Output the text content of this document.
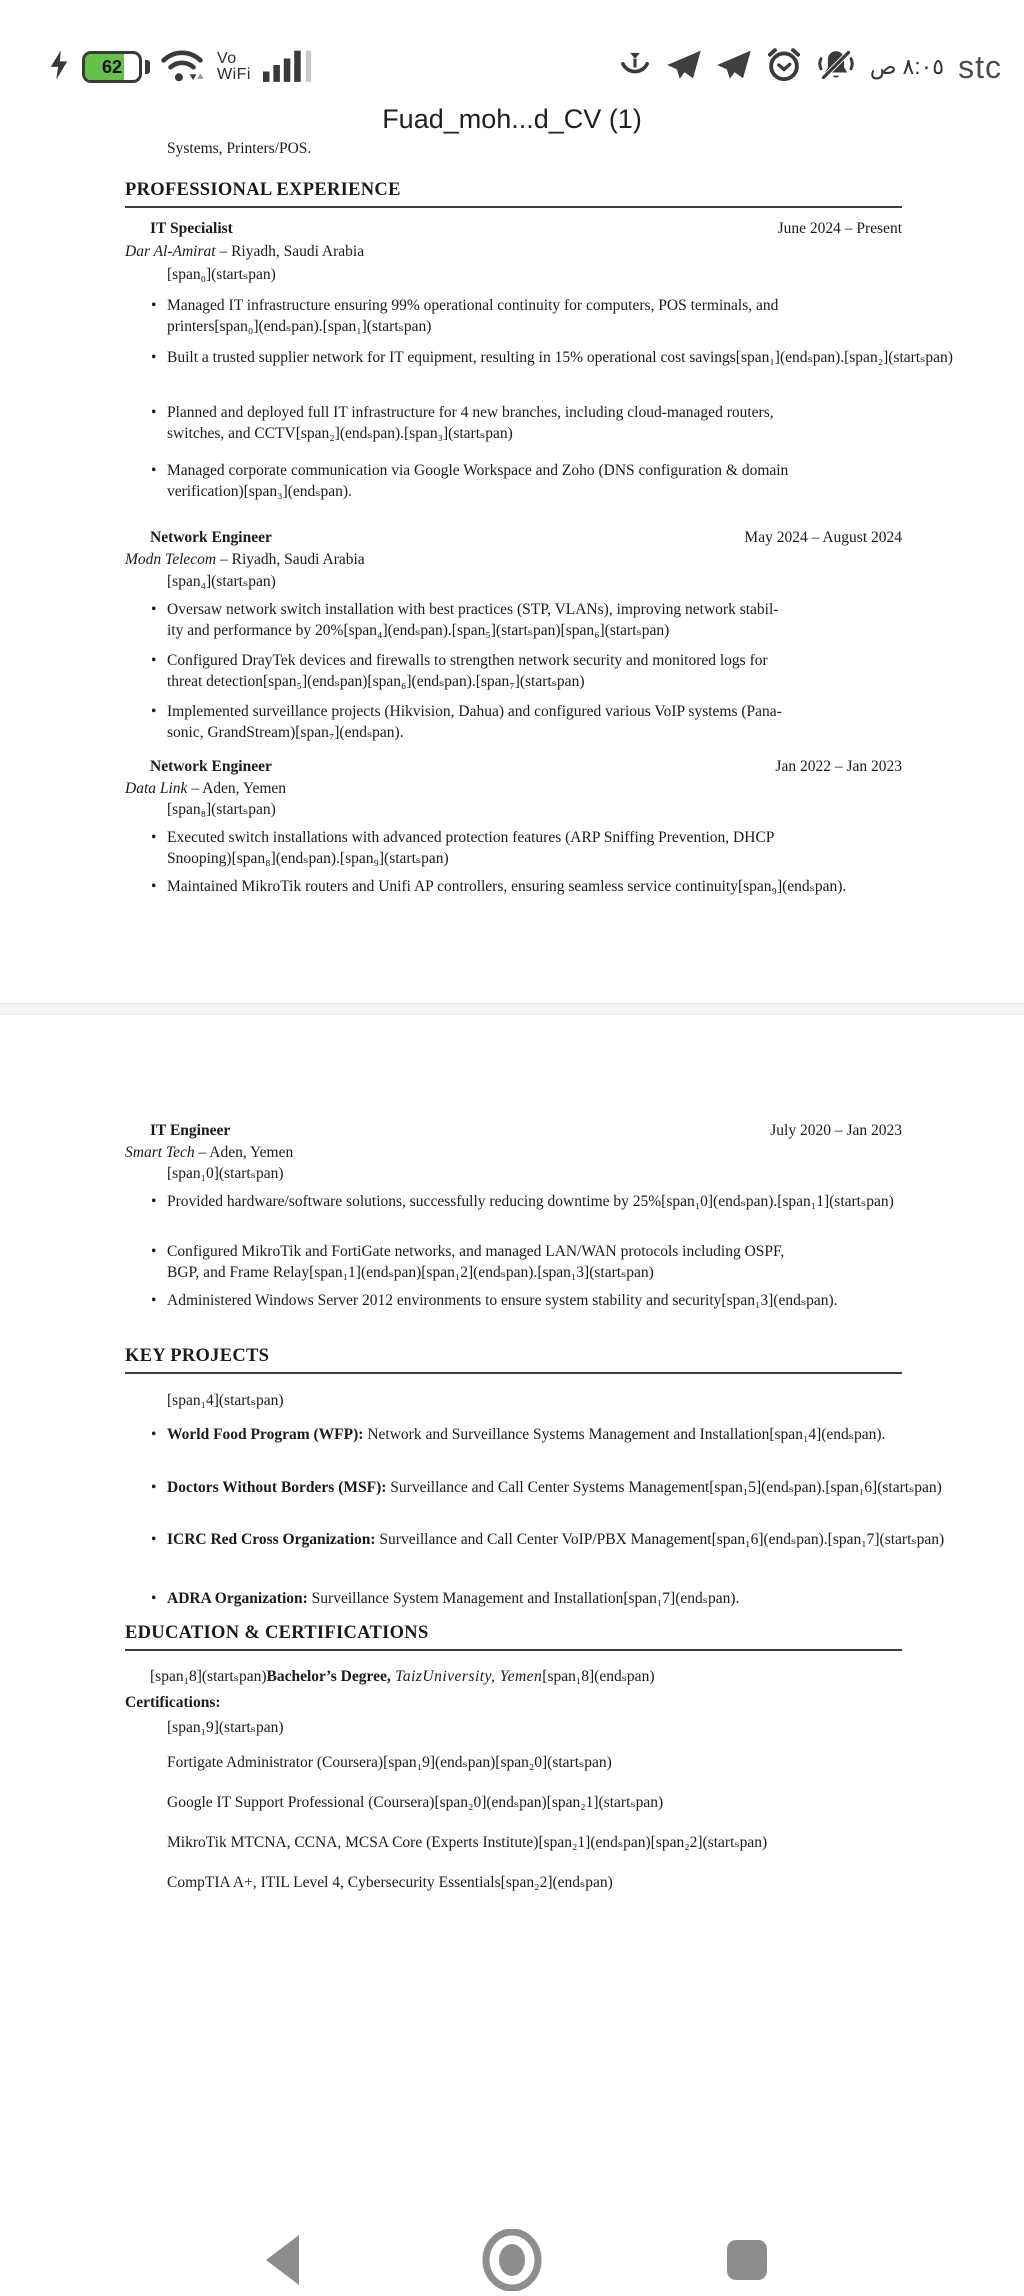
62	Vo
WiFi	٨:٠٥ ص stc
Fuad_moh...d_CV (1)
Systems, Printers/POS.
PROFESSIONAL EXPERIENCE
IT Specialist	June 2024 – Present
Dar Al-Amirat – Riyadh, Saudi Arabia
[span₀](startₛpan)
• Managed IT infrastructure ensuring 99% operational continuity for computers, POS terminals, and
printers[span₀](endₛpan).[span₁](startₛpan)
• Built a trusted supplier network for IT equipment, resulting in 15% operational cost savings[span₁](endₛpan).[span₂](startₛpan)
• Planned and deployed full IT infrastructure for 4 new branches, including cloud-managed routers,
switches, and CCTV[span₂](endₛpan).[span₃](startₛpan)
• Managed corporate communication via Google Workspace and Zoho (DNS configuration & domain
verification)[span₃](endₛpan).
Network Engineer	May 2024 – August 2024
Modn Telecom – Riyadh, Saudi Arabia
[span₄](startₛpan)
• Oversaw network switch installation with best practices (STP, VLANs), improving network stabil-
ity and performance by 20%[span₄](endₛpan).[span₅](startₛpan)[span₆](startₛpan)
• Configured DrayTek devices and firewalls to strengthen network security and monitored logs for
threat detection[span₅](endₛpan)[span₆](endₛpan).[span₇](startₛpan)
• Implemented surveillance projects (Hikvision, Dahua) and configured various VoIP systems (Pana-
sonic, GrandStream)[span₇](endₛpan).
Network Engineer	Jan 2022 – Jan 2023
Data Link – Aden, Yemen
[span₈](startₛpan)
• Executed switch installations with advanced protection features (ARP Sniffing Prevention, DHCP
Snooping)[span₈](endₛpan).[span₉](startₛpan)
• Maintained MikroTik routers and Unifi AP controllers, ensuring seamless service continuity[span₉](endₛpan).
IT Engineer	July 2020 – Jan 2023
Smart Tech – Aden, Yemen
[span₁0](startₛpan)
• Provided hardware/software solutions, successfully reducing downtime by 25%[span₁0](endₛpan).[span₁1](startₛpan)
• Configured MikroTik and FortiGate networks, and managed LAN/WAN protocols including OSPF,
BGP, and Frame Relay[span₁1](endₛpan)[span₁2](endₛpan).[span₁3](startₛpan)
• Administered Windows Server 2012 environments to ensure system stability and security[span₁3](endₛpan).
KEY PROJECTS
[span₁4](startₛpan)
• World Food Program (WFP): Network and Surveillance Systems Management and Installation[span₁4](endₛpan).
• Doctors Without Borders (MSF): Surveillance and Call Center Systems Management[span₁5](endₛpan).[span₁6](startₛpan)
• ICRC Red Cross Organization: Surveillance and Call Center VoIP/PBX Management[span₁6](endₛpan).[span₁7](startₛpan)
• ADRA Organization: Surveillance System Management and Installation[span₁7](endₛpan).
EDUCATION & CERTIFICATIONS
[span₁8](startₛpan)Bachelor’s Degree, TaizUniversity, Yemen[span₁8](endₛpan)
Certifications:
[span₁9](startₛpan)
Fortigate Administrator (Coursera)[span₁9](endₛpan)[span₂0](startₛpan)
Google IT Support Professional (Coursera)[span₂0](endₛpan)[span₂1](startₛpan)
MikroTik MTCNA, CCNA, MCSA Core (Experts Institute)[span₂1](endₛpan)[span₂2](startₛpan)
CompTIA A+, ITIL Level 4, Cybersecurity Essentials[span₂2](endₛpan)
